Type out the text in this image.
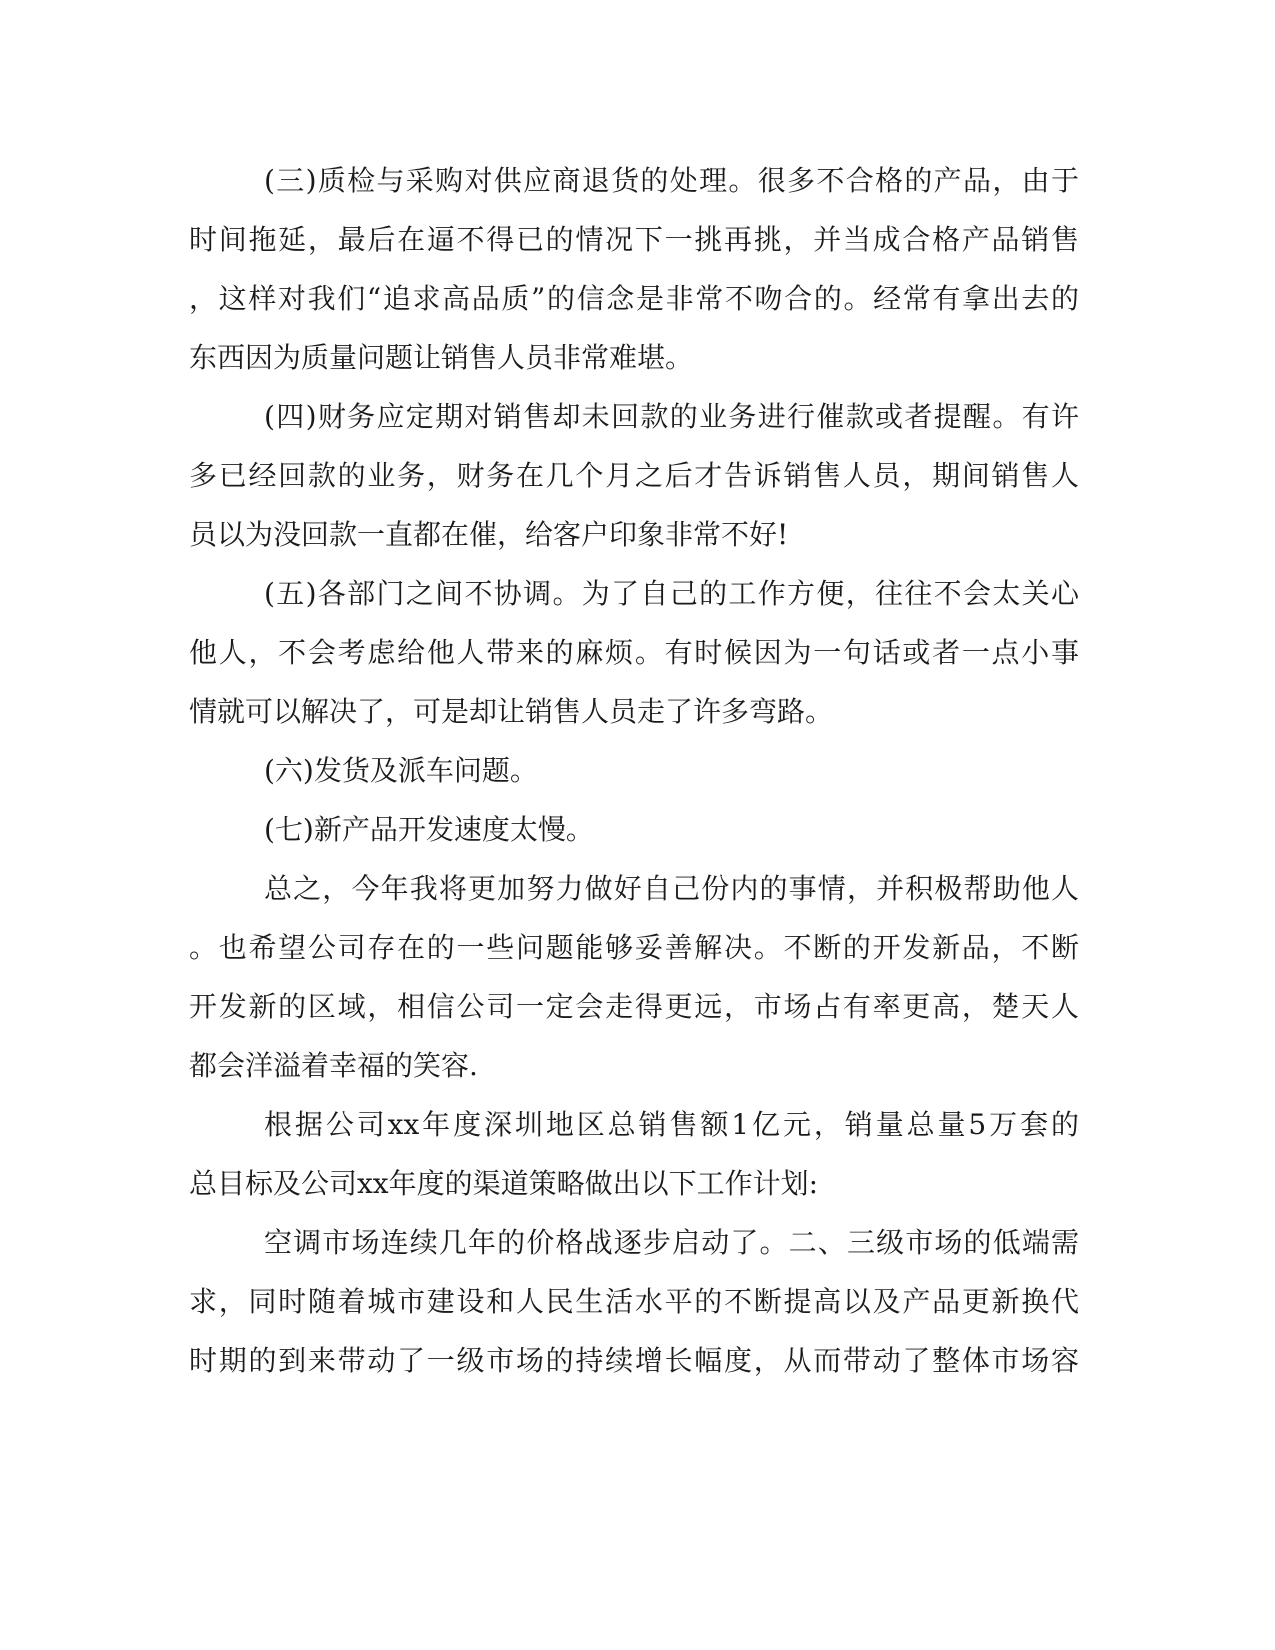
(三)质检与采购对供应商退货的处理。很多不合格的产品，由于
时间拖延，最后在逼不得已的情况下一挑再挑，并当成合格产品销售
，这样对我们“追求高品质”的信念是非常不吻合的。经常有拿出去的
东西因为质量问题让销售人员非常难堪。
(四)财务应定期对销售却未回款的业务进行催款或者提醒。有许
多已经回款的业务，财务在几个月之后才告诉销售人员，期间销售人
员以为没回款一直都在催，给客户印象非常不好!
(五)各部门之间不协调。为了自己的工作方便，往往不会太关心
他人，不会考虑给他人带来的麻烦。有时候因为一句话或者一点小事
情就可以解决了，可是却让销售人员走了许多弯路。
(六)发货及派车问题。
(七)新产品开发速度太慢。
总之，今年我将更加努力做好自己份内的事情，并积极帮助他人
。也希望公司存在的一些问题能够妥善解决。不断的开发新品，不断
开发新的区域，相信公司一定会走得更远，市场占有率更高，楚天人
都会洋溢着幸福的笑容.
根据公司xx年度深圳地区总销售额1亿元，销量总量5万套的
总目标及公司xx年度的渠道策略做出以下工作计划:
空调市场连续几年的价格战逐步启动了。二、三级市场的低端需
求，同时随着城市建设和人民生活水平的不断提高以及产品更新换代
时期的到来带动了一级市场的持续增长幅度，从而带动了整体市场容
